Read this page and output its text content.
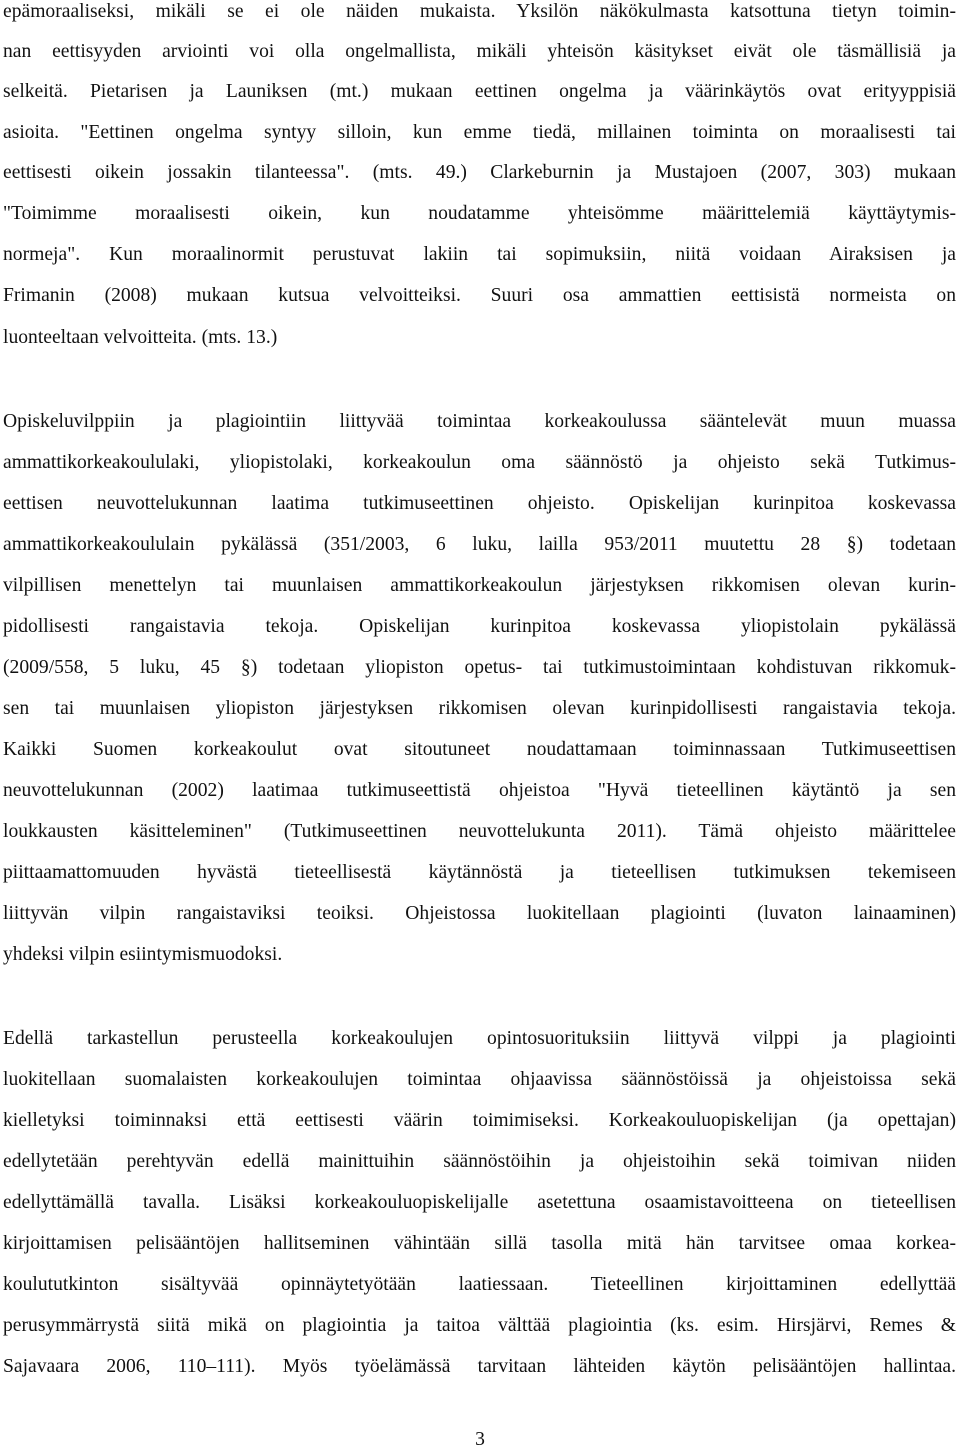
epämoraaliseksi, mikäli se ei ole näiden mukaista. Yksilön näkökulmasta katsottuna tietyn toimin-
nan eettisyyden arviointi voi olla ongelmallista, mikäli yhteisön käsitykset eivät ole täsmällisiä ja
selkeitä. Pietarisen ja Launiksen (mt.) mukaan eettinen ongelma ja väärinkäytös ovat erityyppisiä
asioita. "Eettinen ongelma syntyy silloin, kun emme tiedä, millainen toiminta on moraalisesti tai
eettisesti oikein jossakin tilanteessa". (mts. 49.) Clarkeburnin ja Mustajoen (2007, 303) mukaan
"Toimimme moraalisesti oikein, kun noudatamme yhteisömme määrittelemiä käyttäytymis-
normeja". Kun moraalinormit perustuvat lakiin tai sopimuksiin, niitä voidaan Airaksisen ja
Frimanin (2008) mukaan kutsua velvoitteiksi. Suuri osa ammattien eettisistä normeista on
luonteeltaan velvoitteita. (mts. 13.)
Opiskeluvilppiin ja plagiointiin liittyvää toimintaa korkeakoulussa sääntelevät muun muassa
ammattikorkeakoululaki, yliopistolaki, korkeakoulun oma säännöstö ja ohjeisto sekä Tutkimus-
eettisen neuvottelukunnan laatima tutkimuseettinen ohjeisto. Opiskelijan kurinpitoa koskevassa
ammattikorkeakoululain pykälässä (351/2003, 6 luku, lailla 953/2011 muutettu 28 §) todetaan
vilpillisen menettelyn tai muunlaisen ammattikorkeakoulun järjestyksen rikkomisen olevan kurin-
pidollisesti rangaistavia tekoja. Opiskelijan kurinpitoa koskevassa yliopistolain pykälässä
(2009/558, 5 luku, 45 §) todetaan yliopiston opetus- tai tutkimustoimintaan kohdistuvan rikkomuk-
sen tai muunlaisen yliopiston järjestyksen rikkomisen olevan kurinpidollisesti rangaistavia tekoja.
Kaikki Suomen korkeakoulut ovat sitoutuneet noudattamaan toiminnassaan Tutkimuseettisen
neuvottelukunnan (2002) laatimaa tutkimuseettistä ohjeistoa "Hyvä tieteellinen käytäntö ja sen
loukkausten käsitteleminen" (Tutkimuseettinen neuvottelukunta 2011). Tämä ohjeisto määrittelee
piittaamattomuuden hyvästä tieteellisestä käytännöstä ja tieteellisen tutkimuksen tekemiseen
liittyvän vilpin rangaistaviksi teoiksi. Ohjeistossa luokitellaan plagiointi (luvaton lainaaminen)
yhdeksi vilpin esiintymismuodoksi.
Edellä tarkastellun perusteella korkeakoulujen opintosuorituksiin liittyvä vilppi ja plagiointi
luokitellaan suomalaisten korkeakoulujen toimintaa ohjaavissa säännöstöissä ja ohjeistoissa sekä
kielletyksi toiminnaksi että eettisesti väärin toimimiseksi. Korkeakouluopiskelijan (ja opettajan)
edellytetään perehtyvän edellä mainittuihin säännöstöihin ja ohjeistoihin sekä toimivan niiden
edellyttämällä tavalla. Lisäksi korkeakouluopiskelijalle asetettuna osaamistavoitteena on tieteellisen
kirjoittamisen pelisääntöjen hallitseminen vähintään sillä tasolla mitä hän tarvitsee omaa korkea-
koulututkinton sisältyvää opinnäytetyötään laatiessaan. Tieteellinen kirjoittaminen edellyttää
perusymmärrystä siitä mikä on plagiointia ja taitoa välttää plagiointia (ks. esim. Hirsjärvi, Remes &
Sajavaara 2006, 110–111). Myös työelämässä tarvitaan lähteiden käytön pelisääntöjen hallintaa.
3
